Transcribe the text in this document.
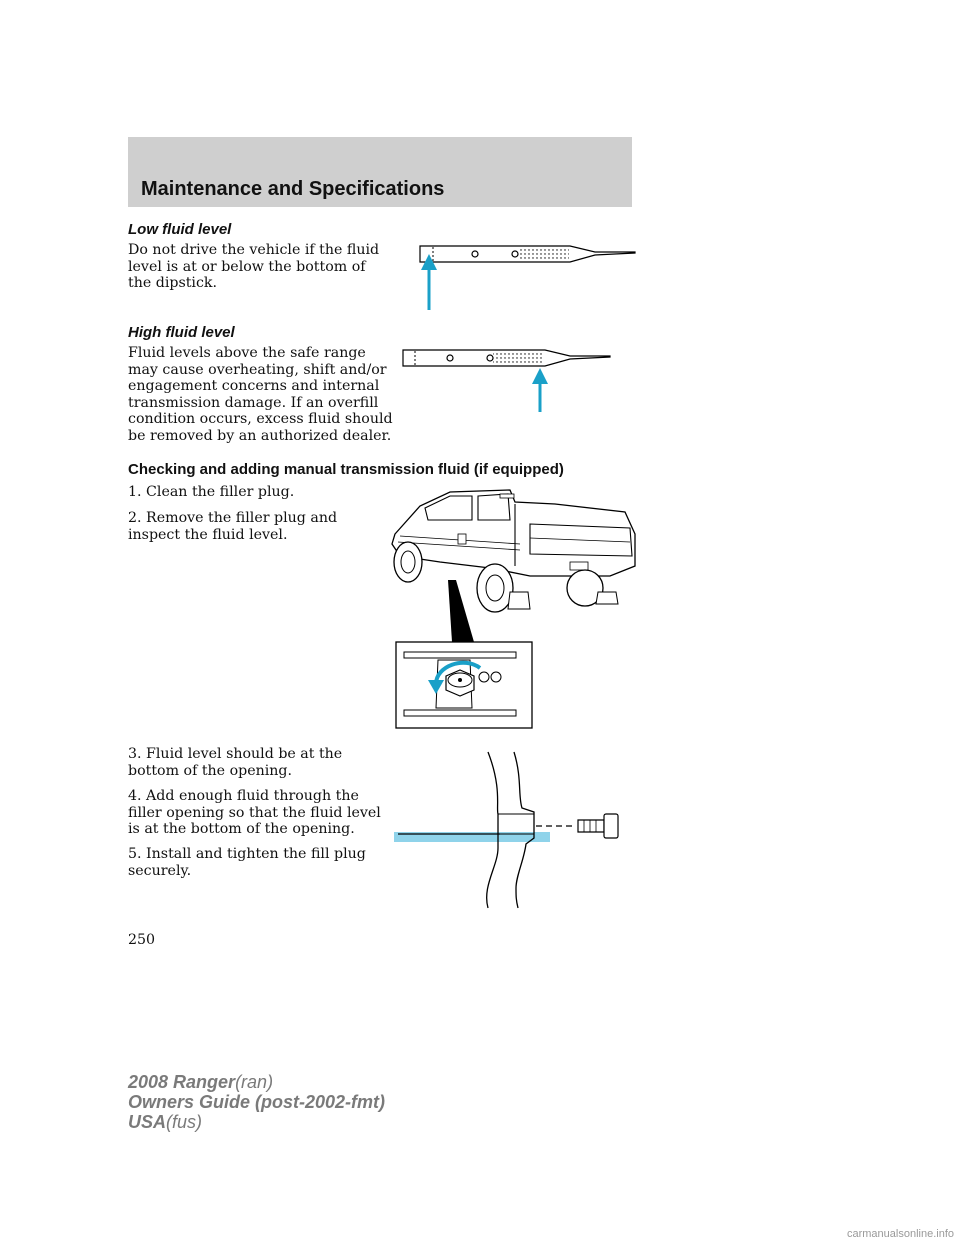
Maintenance and Specifications
Low fluid level
Do not drive the vehicle if the fluid
level is at or below the bottom of
the dipstick.
High fluid level
Fluid levels above the safe range
may cause overheating, shift and/or
engagement concerns and internal
transmission damage. If an overfill
condition occurs, excess fluid should
be removed by an authorized dealer.
Checking and adding manual transmission fluid (if equipped)
1. Clean the filler plug.
2. Remove the filler plug and
inspect the fluid level.
3. Fluid level should be at the
bottom of the opening.
4. Add enough fluid through the
filler opening so that the fluid level
is at the bottom of the opening.
5. Install and tighten the fill plug
securely.
250
2008 Ranger(ran)
Owners Guide (post-2002-fmt)
USA(fus)
carmanualsonline.info
